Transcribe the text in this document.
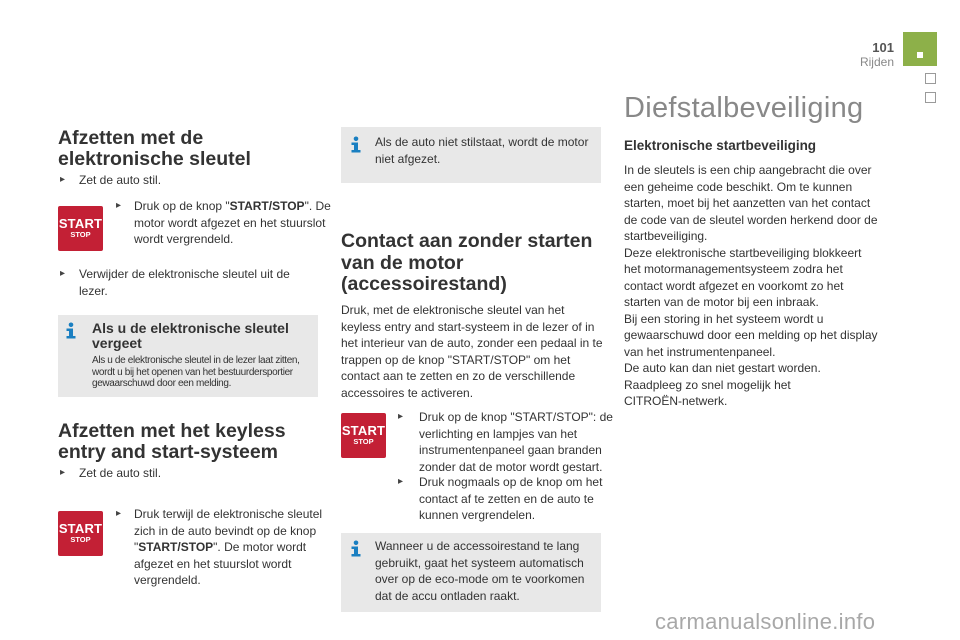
101
Rijden
Afzetten met de elektronische sleutel
▸ Zet de auto stil.
START
STOP
▸ Druk op de knop "START/STOP". De motor wordt afgezet en het stuurslot wordt vergrendeld.
▸ Verwijder de elektronische sleutel uit de lezer.
Als u de elektronische sleutel vergeet
Als u de elektronische sleutel in de lezer laat zitten, wordt u bij het openen van het bestuurdersportier gewaarschuwd door een melding.
Afzetten met het keyless entry and start-systeem
▸ Zet de auto stil.
START
STOP
▸ Druk terwijl de elektronische sleutel zich in de auto bevindt op de knop "START/STOP". De motor wordt afgezet en het stuurslot wordt vergrendeld.
Als de auto niet stilstaat, wordt de motor niet afgezet.
Contact aan zonder starten van de motor (accessoirestand)
Druk, met de elektronische sleutel van het keyless entry and start-systeem in de lezer of in het interieur van de auto, zonder een pedaal in te trappen op de knop "START/STOP" om het contact aan te zetten en zo de verschillende accessoires te activeren.
START
STOP
▸ Druk op de knop "START/STOP": de verlichting en lampjes van het instrumentenpaneel gaan branden zonder dat de motor wordt gestart.
▸ Druk nogmaals op de knop om het contact af te zetten en de auto te kunnen vergrendelen.
Wanneer u de accessoirestand te lang gebruikt, gaat het systeem automatisch over op de eco-mode om te voorkomen dat de accu ontladen raakt.
Diefstalbeveiliging
Elektronische startbeveiliging
In de sleutels is een chip aangebracht die over
een geheime code beschikt. Om te kunnen
starten, moet bij het aanzetten van het contact
de code van de sleutel worden herkend door de
startbeveiliging.
Deze elektronische startbeveiliging blokkeert
het motormanagementsysteem zodra het
contact wordt afgezet en voorkomt zo het
starten van de motor bij een inbraak.
Bij een storing in het systeem wordt u
gewaarschuwd door een melding op het display
van het instrumentenpaneel.
De auto kan dan niet gestart worden.
Raadpleeg zo snel mogelijk het
CITROËN-netwerk.
carmanualsonline.info
